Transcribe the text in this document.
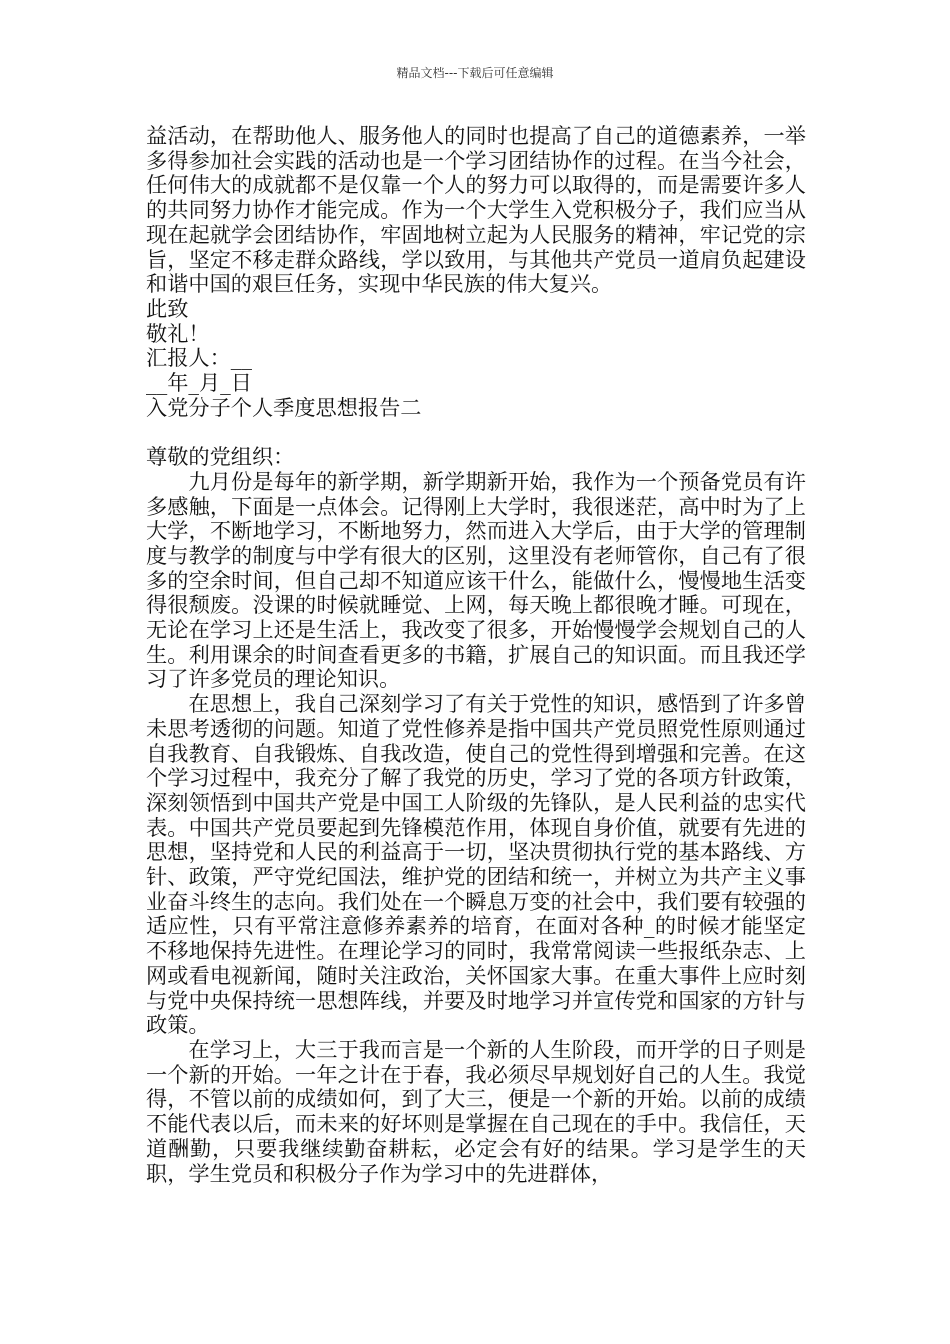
精品文档---下载后可任意编辑

益活动，在帮助他人、服务他人的同时也提高了自己的道德素养，一举多得参加社会实践的活动也是一个学习团结协作的过程。在当今社会，任何伟大的成就都不是仅靠一个人的努力可以取得的，而是需要许多人的共同努力协作才能完成。作为一个大学生入党积极分子，我们应当从现在起就学会团结协作，牢固地树立起为人民服务的精神，牢记党的宗旨，坚定不移走群众路线，学以致用，与其他共产党员一道肩负起建设和谐中国的艰巨任务，实现中华民族的伟大复兴。

此致

敬礼！

汇报人：__

__年_月_日

入党分子个人季度思想报告二

尊敬的党组织：

九月份是每年的新学期，新学期新开始，我作为一个预备党员有许多感触，下面是一点体会。记得刚上大学时，我很迷茫，高中时为了上大学，不断地学习，不断地努力，然而进入大学后，由于大学的管理制度与教学的制度与中学有很大的区别，这里没有老师管你，自己有了很多的空余时间，但自己却不知道应该干什么，能做什么，慢慢地生活变得很颓废。没课的时候就睡觉、上网，每天晚上都很晚才睡。可现在，无论在学习上还是生活上，我改变了很多，开始慢慢学会规划自己的人生。利用课余的时间查看更多的书籍，扩展自己的知识面。而且我还学习了许多党员的理论知识。

在思想上，我自己深刻学习了有关于党性的知识，感悟到了许多曾未思考透彻的问题。知道了党性修养是指中国共产党员照党性原则通过自我教育、自我锻炼、自我改造，使自己的党性得到增强和完善。在这个学习过程中，我充分了解了我党的历史，学习了党的各项方针政策，深刻领悟到中国共产党是中国工人阶级的先锋队，是人民利益的忠实代表。中国共产党员要起到先锋模范作用，体现自身价值，就要有先进的思想，坚持党和人民的利益高于一切，坚决贯彻执行党的基本路线、方针、政策，严守党纪国法，维护党的团结和统一，并树立为共产主义事业奋斗终生的志向。我们处在一个瞬息万变的社会中，我们要有较强的适应性，只有平常注意修养素养的培育，在面对各种_的时候才能坚定不移地保持先进性。在理论学习的同时，我常常阅读一些报纸杂志、上网或看电视新闻，随时关注政治，关怀国家大事。在重大事件上应时刻与党中央保持统一思想阵线，并要及时地学习并宣传党和国家的方针与政策。

在学习上，大三于我而言是一个新的人生阶段，而开学的日子则是一个新的开始。一年之计在于春，我必须尽早规划好自己的人生。我觉得，不管以前的成绩如何，到了大三，便是一个新的开始。以前的成绩不能代表以后，而未来的好坏则是掌握在自己现在的手中。我信任，天道酬勤，只要我继续勤奋耕耘，必定会有好的结果。学习是学生的天职，学生党员和积极分子作为学习中的先进群体，
